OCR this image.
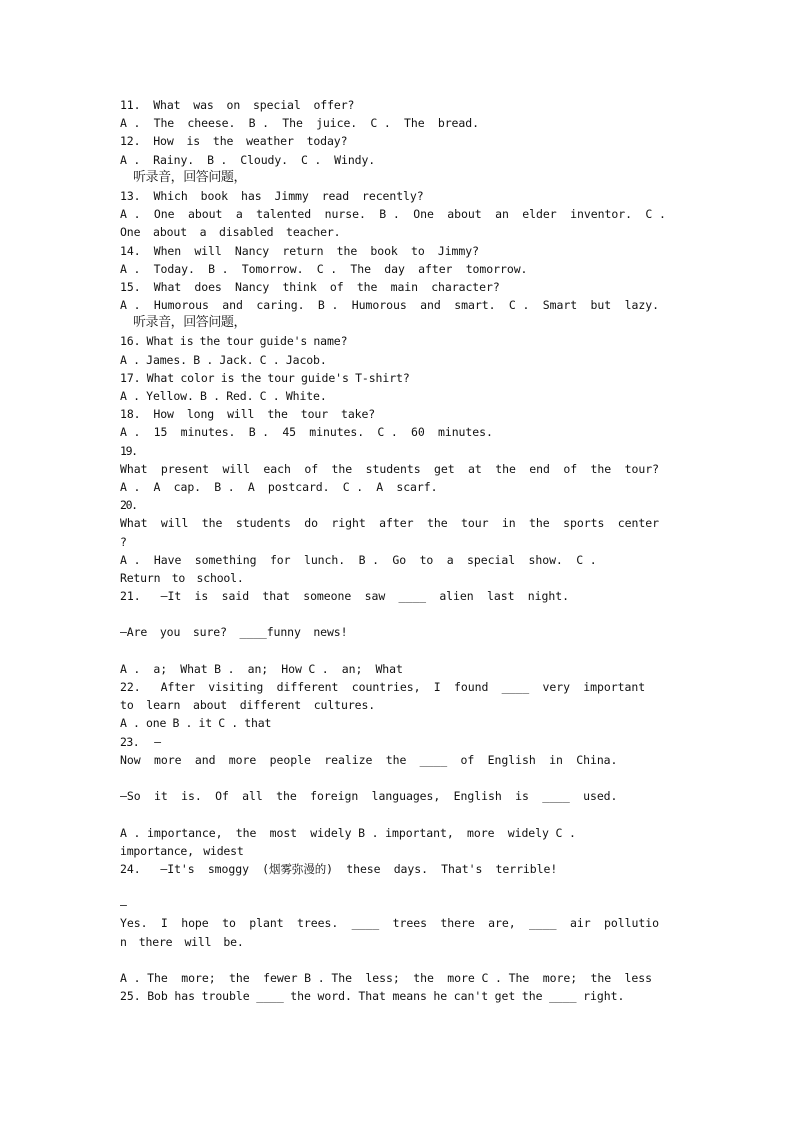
11.  What  was  on  special  offer?
A .  The  cheese.  B .  The  juice.  C .  The  bread.
12.  How  is  the  weather  today?
A .  Rainy.  B .  Cloudy.  C .  Windy.
听录音，回答问题，
13.  Which  book  has  Jimmy  read  recently?
A .  One  about  a  talented  nurse.  B .  One  about  an  elder  inventor.  C .
One  about  a  disabled  teacher.
14.  When  will  Nancy  return  the  book  to  Jimmy?
A .  Today.  B .  Tomorrow.  C .  The  day  after  tomorrow.
15.  What  does  Nancy  think  of  the  main  character?
A .  Humorous  and  caring.  B .  Humorous  and  smart.  C .  Smart  but  lazy.
听录音，回答问题，
16. What is the tour guide's name?
A . James. B . Jack. C . Jacob.
17. What color is the tour guide's T-shirt?
A . Yellow. B . Red. C . White.
18.  How  long  will  the  tour  take?
A .  15  minutes.  B .  45  minutes.  C .  60  minutes.
19.
What  present  will  each  of  the  students  get  at  the  end  of  the  tour?
A .  A  cap.  B .  A  postcard.  C .  A  scarf.
20.
What  will  the  students  do  right  after  the  tour  in  the  sports  center
?
A .  Have  something  for  lunch.  B .  Go  to  a  special  show.  C .
Return  to  school.
21.   —It  is  said  that  someone  saw  ____  alien  last  night.
—Are  you  sure?  ____funny  news!
A .  a;  What B .  an;  How C .  an;  What
22.   After  visiting  different  countries,  I  found  ____  very  important
to  learn  about  different  cultures.
A . one B . it C . that
23.   —
Now  more  and  more  people  realize  the  ____  of  English  in  China.
—So  it  is.  Of  all  the  foreign  languages,  English  is  ____  used.
A . importance,  the  most  widely B . important,  more  widely C .
importance,  widest
24.   —It's  smoggy  (烟雾弥漫的)  these  days.  That's  terrible!
—
Yes.  I  hope  to  plant  trees.  ____  trees  there  are,  ____  air  pollutio
n  there  will  be.
A . The  more;  the  fewer B . The  less;  the  more C . The  more;  the  less
25. Bob has trouble ____ the word. That means he can't get the ____ right.
